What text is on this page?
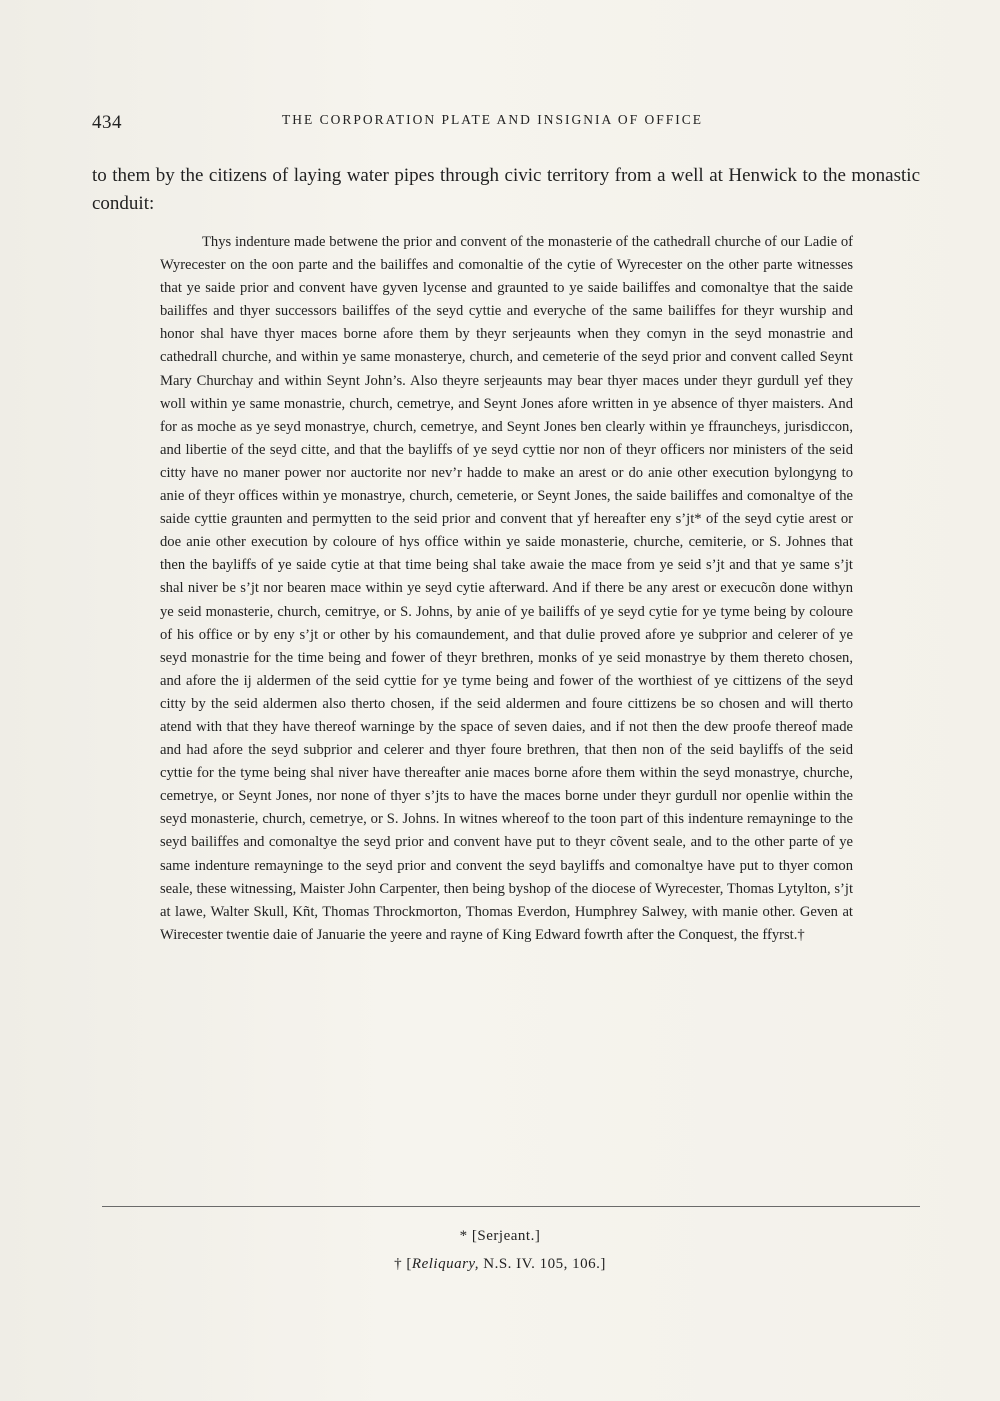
434	THE CORPORATION PLATE AND INSIGNIA OF OFFICE

to them by the citizens of laying water pipes through civic territory from a well at Henwick to the monastic conduit:

Thys indenture made betwene the prior and convent of the monasterie of the cathedrall churche of our Ladie of Wyrecester on the oon parte and the bailiffes and comonaltie of the cytie of Wyrecester on the other parte witnesses that ye saide prior and convent have gyven lycense and graunted to ye saide bailiffes and comonaltye that the saide bailiffes and thyer successors bailiffes of the seyd cyttie and everyche of the same bailiffes for theyr wurship and honor shal have thyer maces borne afore them by theyr serjeaunts when they comyn in the seyd monastrie and cathedrall churche, and within ye same monasterye, church, and cemeterie of the seyd prior and convent called Seynt Mary Churchay and within Seynt John’s. Also theyre serjeaunts may bear thyer maces under theyr gurdull yef they woll within ye same monastrie, church, cemetrye, and Seynt Jones afore written in ye absence of thyer maisters. And for as moche as ye seyd monastrye, church, cemetrye, and Seynt Jones ben clearly within ye ffrauncheys, jurisdiccon, and libertie of the seyd citte, and that the bayliffs of ye seyd cyttie nor non of theyr officers nor ministers of the seid citty have no maner power nor auctorite nor nev’r hadde to make an arest or do anie other execution bylongyng to anie of theyr offices within ye monastrye, church, cemeterie, or Seynt Jones, the saide bailiffes and comonaltye of the saide cyttie graunten and permytten to the seid prior and convent that yf hereafter eny s’jt* of the seyd cytie arest or doe anie other execution by coloure of hys office within ye saide monasterie, churche, cemiterie, or S. Johnes that then the bayliffs of ye saide cytie at that time being shal take awaie the mace from ye seid s’jt and that ye same s’jt shal niver be s’jt nor bearen mace within ye seyd cytie afterward. And if there be any arest or execucõn done withyn ye seid monasterie, church, cemitrye, or S. Johns, by anie of ye bailiffs of ye seyd cytie for ye tyme being by coloure of his office or by eny s’jt or other by his comaundement, and that dulie proved afore ye subprior and celerer of ye seyd monastrie for the time being and fower of theyr brethren, monks of ye seid monastrye by them thereto chosen, and afore the ij aldermen of the seid cyttie for ye tyme being and fower of the worthiest of ye cittizens of the seyd citty by the seid aldermen also therto chosen, if the seid aldermen and foure cittizens be so chosen and will therto atend with that they have thereof warninge by the space of seven daies, and if not then the dew proofe thereof made and had afore the seyd subprior and celerer and thyer foure brethren, that then non of the seid bayliffs of the seid cyttie for the tyme being shal niver have thereafter anie maces borne afore them within the seyd monastrye, churche, cemetrye, or Seynt Jones, nor none of thyer s’jts to have the maces borne under theyr gurdull nor openlie within the seyd monasterie, church, cemetrye, or S. Johns. In witnes whereof to the toon part of this indenture remayninge to the seyd bailiffes and comonaltye the seyd prior and convent have put to theyr cõvent seale, and to the other parte of ye same indenture remayninge to the seyd prior and convent the seyd bayliffs and comonaltye have put to thyer comon seale, these witnessing, Maister John Carpenter, then being byshop of the diocese of Wyrecester, Thomas Lytylton, s’jt at lawe, Walter Skull, Kñt, Thomas Throckmorton, Thomas Everdon, Humphrey Salwey, with manie other. Geven at Wirecester twentie daie of Januarie the yeere and rayne of King Edward fowrth after the Conquest, the ffyrst.†

* [Serjeant.]
† [Reliquary, N.S. IV. 105, 106.]
